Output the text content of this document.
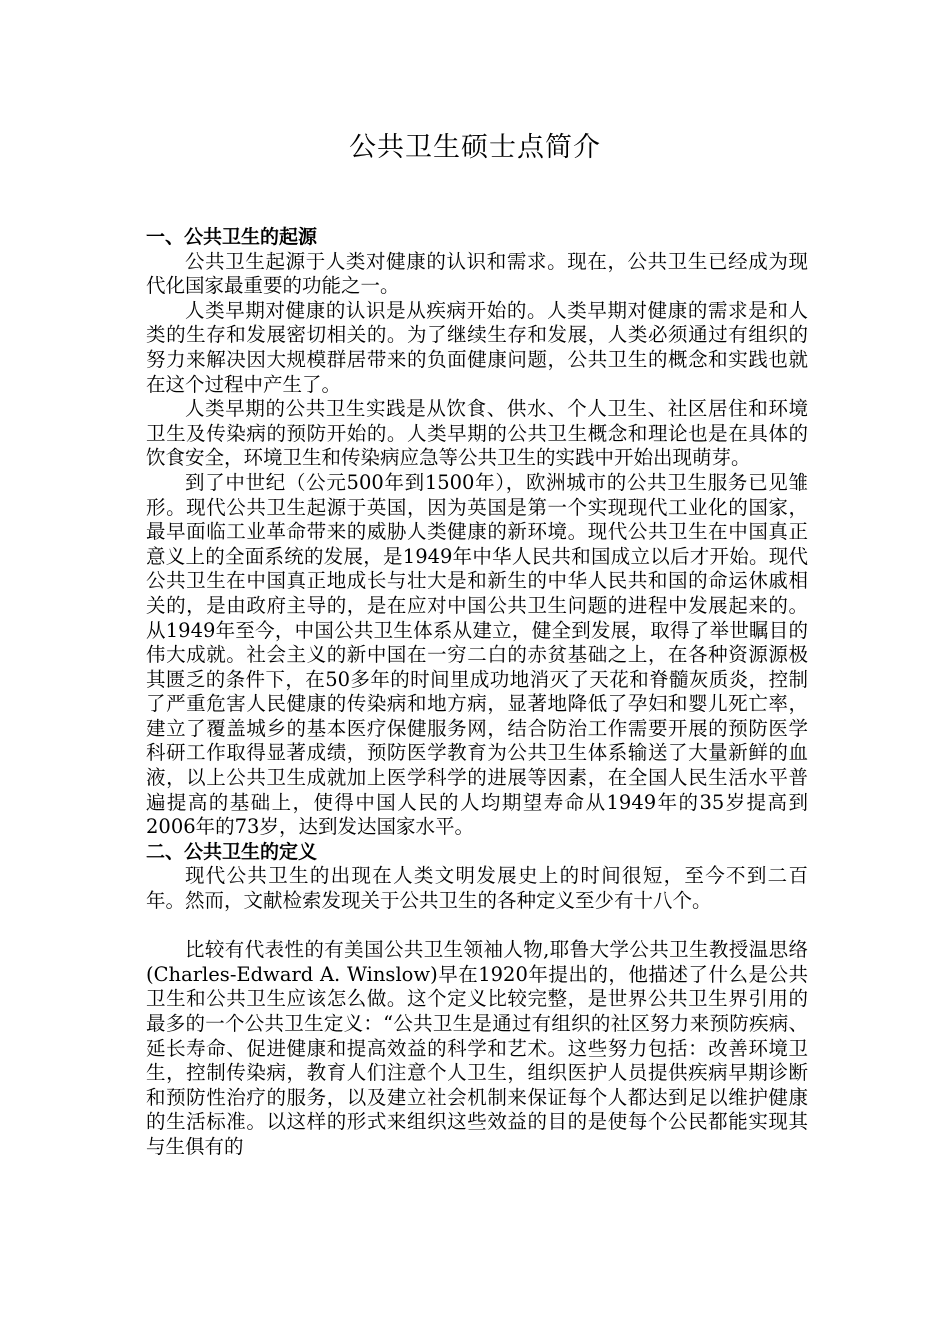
公共卫生硕士点简介
一、公共卫生的起源

公共卫生起源于人类对健康的认识和需求。现在，公共卫生已经成为现代化国家最重要的功能之一。

人类早期对健康的认识是从疾病开始的。人类早期对健康的需求是和人类的生存和发展密切相关的。为了继续生存和发展，人类必须通过有组织的努力来解决因大规模群居带来的负面健康问题，公共卫生的概念和实践也就在这个过程中产生了。

人类早期的公共卫生实践是从饮食、供水、个人卫生、社区居住和环境卫生及传染病的预防开始的。人类早期的公共卫生概念和理论也是在具体的饮食安全，环境卫生和传染病应急等公共卫生的实践中开始出现萌芽。

到了中世纪（公元500年到1500年），欧洲城市的公共卫生服务已见雏形。现代公共卫生起源于英国，因为英国是第一个实现现代工业化的国家，最早面临工业革命带来的威胁人类健康的新环境。现代公共卫生在中国真正意义上的全面系统的发展，是1949年中华人民共和国成立以后才开始。现代公共卫生在中国真正地成长与壮大是和新生的中华人民共和国的命运休戚相关的，是由政府主导的，是在应对中国公共卫生问题的进程中发展起来的。从1949年至今，中国公共卫生体系从建立，健全到发展，取得了举世瞩目的伟大成就。社会主义的新中国在一穷二白的赤贫基础之上，在各种资源源极其匮乏的条件下，在50多年的时间里成功地消灭了天花和脊髓灰质炎，控制了严重危害人民健康的传染病和地方病，显著地降低了孕妇和婴儿死亡率，建立了覆盖城乡的基本医疗保健服务网，结合防治工作需要开展的预防医学科研工作取得显著成绩，预防医学教育为公共卫生体系输送了大量新鲜的血液，以上公共卫生成就加上医学科学的进展等因素，在全国人民生活水平普遍提高的基础上，使得中国人民的人均期望寿命从1949年的35岁提高到2006年的73岁，达到发达国家水平。

二、公共卫生的定义

现代公共卫生的出现在人类文明发展史上的时间很短，至今不到二百年。然而，文献检索发现关于公共卫生的各种定义至少有十八个。

比较有代表性的有美国公共卫生领袖人物,耶鲁大学公共卫生教授温思络(Charles-Edward A. Winslow)早在1920年提出的，他描述了什么是公共卫生和公共卫生应该怎么做。这个定义比较完整，是世界公共卫生界引用的最多的一个公共卫生定义：“公共卫生是通过有组织的社区努力来预防疾病、延长寿命、促进健康和提高效益的科学和艺术。这些努力包括：改善环境卫生，控制传染病，教育人们注意个人卫生，组织医护人员提供疾病早期诊断和预防性治疗的服务，以及建立社会机制来保证每个人都达到足以维护健康的生活标准。以这样的形式来组织这些效益的目的是使每个公民都能实现其与生俱有的
